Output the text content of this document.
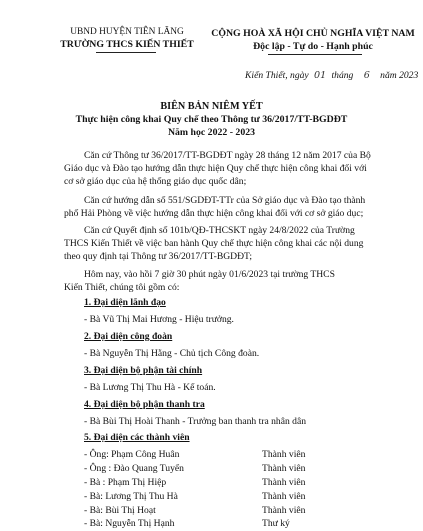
UBND HUYỆN TIÊN LÃNG
TRƯỜNG THCS KIẾN THIẾT
CỘNG HOÀ XÃ HỘI CHỦ NGHĨA VIỆT NAM
Độc lập - Tự do - Hạnh phúc
Kiến Thiết, ngày 01 tháng 6 năm 2023
BIÊN BẢN NIÊM YẾT
Thực hiện công khai Quy chế theo Thông tư 36/2017/TT-BGDĐT
Năm học 2022 - 2023
Căn cứ Thông tư 36/2017/TT-BGDĐT ngày 28 tháng 12 năm 2017 của Bộ
Giáo dục và Đào tạo hướng dẫn thực hiện Quy chế thực hiện công khai đối với
cơ sở giáo dục của hệ thống giáo dục quốc dân;
Căn cứ hướng dẫn số 551/SGDĐT-TTr của Sở giáo dục và Đào tạo thành
phố Hải Phòng về việc hướng dẫn thực hiện công khai đối với cơ sở giáo dục;
Căn cứ Quyết định số 101b/QĐ-THCSKT ngày 24/8/2022 của Trường
THCS Kiến Thiết về việc ban hành Quy chế thực hiện công khai các nội dung
theo quy định tại Thông tư 36/2017/TT-BGDĐT;
Hôm nay, vào hồi 7 giờ 30 phút ngày 01/6/2023 tại trường THCS
Kiến Thiết, chúng tôi gồm có:
1. Đại diện lãnh đạo
- Bà Vũ Thị Mai Hương - Hiệu trưởng.
2. Đại diện công đoàn
- Bà Nguyễn Thị Hằng - Chủ tịch Công đoàn.
3. Đại diện bộ phận tài chính
- Bà Lương Thị Thu Hà - Kế toán.
4. Đại diện bộ phận thanh tra
- Bà Bùi Thị Hoài Thanh - Trưởng ban thanh tra nhân dân
5. Đại diện các thành viên
- Ông: Phạm Công Huân	Thành viên
- Ông : Đào Quang Tuyển	Thành viên
- Bà : Phạm Thị Hiệp	Thành viên
- Bà: Lương Thị Thu Hà	Thành viên
- Bà: Bùi Thị Hoạt	Thành viên
- Bà: Nguyễn Thị Hạnh	Thư ký
